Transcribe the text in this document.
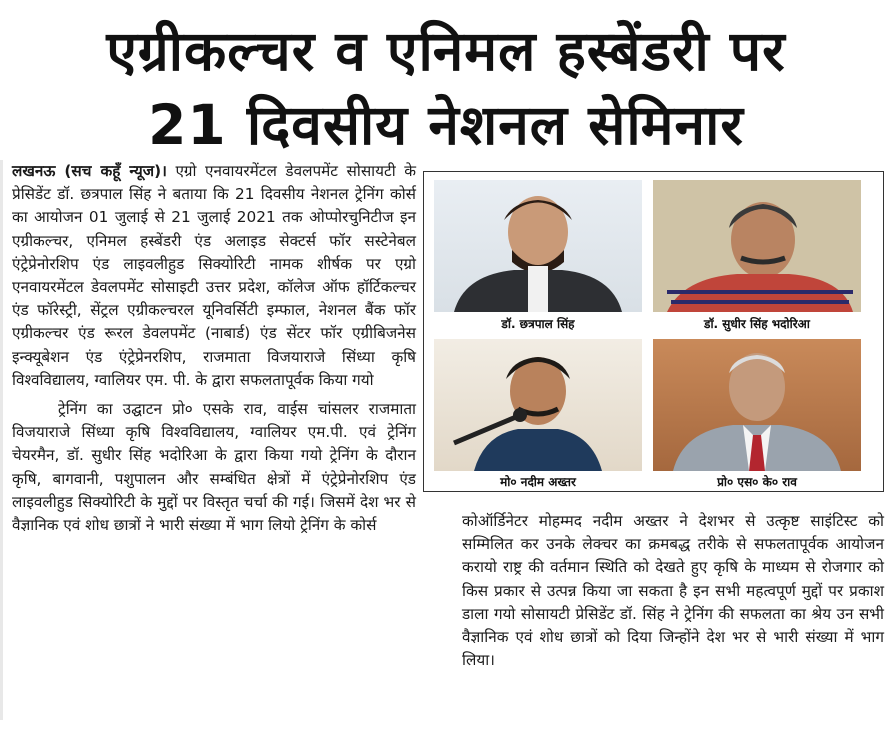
एग्रीकल्चर व एनिमल हस्बेंडरी पर
21 दिवसीय नेशनल सेमिनार

लखनऊ (सच कहूँ न्यूज)। एग्रो एनवायरमेंटल डेवलपमेंट सोसायटी के प्रेसिडेंट डॉ. छत्रपाल सिंह ने बताया कि 21 दिवसीय नेशनल ट्रेनिंग कोर्स का आयोजन 01 जुलाई से 21 जुलाई 2021 तक ओप्पोरचुनिटीज इन एग्रीकल्चर, एनिमल हस्बेंडरी एंड अलाइड सेक्टर्स फॉर सस्टेनेबल एंट्रेप्रेनोरशिप एंड लाइवलीहुड सिक्योरिटी नामक शीर्षक पर एग्रो एनवायरमेंटल डेवलपमेंट सोसाइटी उत्तर प्रदेश, कॉलेज ऑफ हॉर्टिकल्चर एंड फॉरेस्ट्री, सेंट्रल एग्रीकल्चरल यूनिवर्सिटी इम्फाल, नेशनल बैंक फॉर एग्रीकल्चर एंड रूरल डेवलपमेंट (नाबार्ड) एंड सेंटर फॉर एग्रीबिजनेस इन्क्यूबेशन एंड एंट्रेप्रेनरशिप, राजमाता विजयाराजे सिंध्या कृषि विश्वविद्यालय, ग्वालियर एम. पी. के द्वारा सफलतापूर्वक किया गयो

ट्रेनिंग का उद्घाटन प्रो० एसके राव, वाईस चांसलर राजमाता विजयाराजे सिंध्या कृषि विश्वविद्यालय, ग्वालियर एम.पी. एवं ट्रेनिंग चेयरमैन, डॉ. सुधीर सिंह भदोरिआ के द्वारा किया गयो ट्रेनिंग के दौरान कृषि, बागवानी, पशुपालन और सम्बंधित क्षेत्रों में एंट्रेप्रेनोरशिप एंड लाइवलीहुड सिक्योरिटी के मुद्दों पर विस्तृत चर्चा की गई। जिसमें देश भर से वैज्ञानिक एवं शोध छात्रों ने भारी संख्या में भाग लियो ट्रेनिंग के कोर्स

डॉ. छत्रपाल सिंह	डॉ. सुधीर सिंह भदोरिआ
मो० नदीम अख्तर	प्रो० एस० के० राव

कोऑर्डिनेटर मोहम्मद नदीम अख्तर ने देशभर से उत्कृष्ट साइंटिस्ट को सम्मिलित कर उनके लेक्चर का क्रमबद्ध तरीके से सफलतापूर्वक आयोजन करायो राष्ट्र की वर्तमान स्थिति को देखते हुए कृषि के माध्यम से रोजगार को किस प्रकार से उत्पन्न किया जा सकता है इन सभी महत्वपूर्ण मुद्दों पर प्रकाश डाला गयो सोसायटी प्रेसिडेंट डॉ. सिंह ने ट्रेनिंग की सफलता का श्रेय उन सभी वैज्ञानिक एवं शोध छात्रों को दिया जिन्होंने देश भर से भारी संख्या में भाग लिया।
